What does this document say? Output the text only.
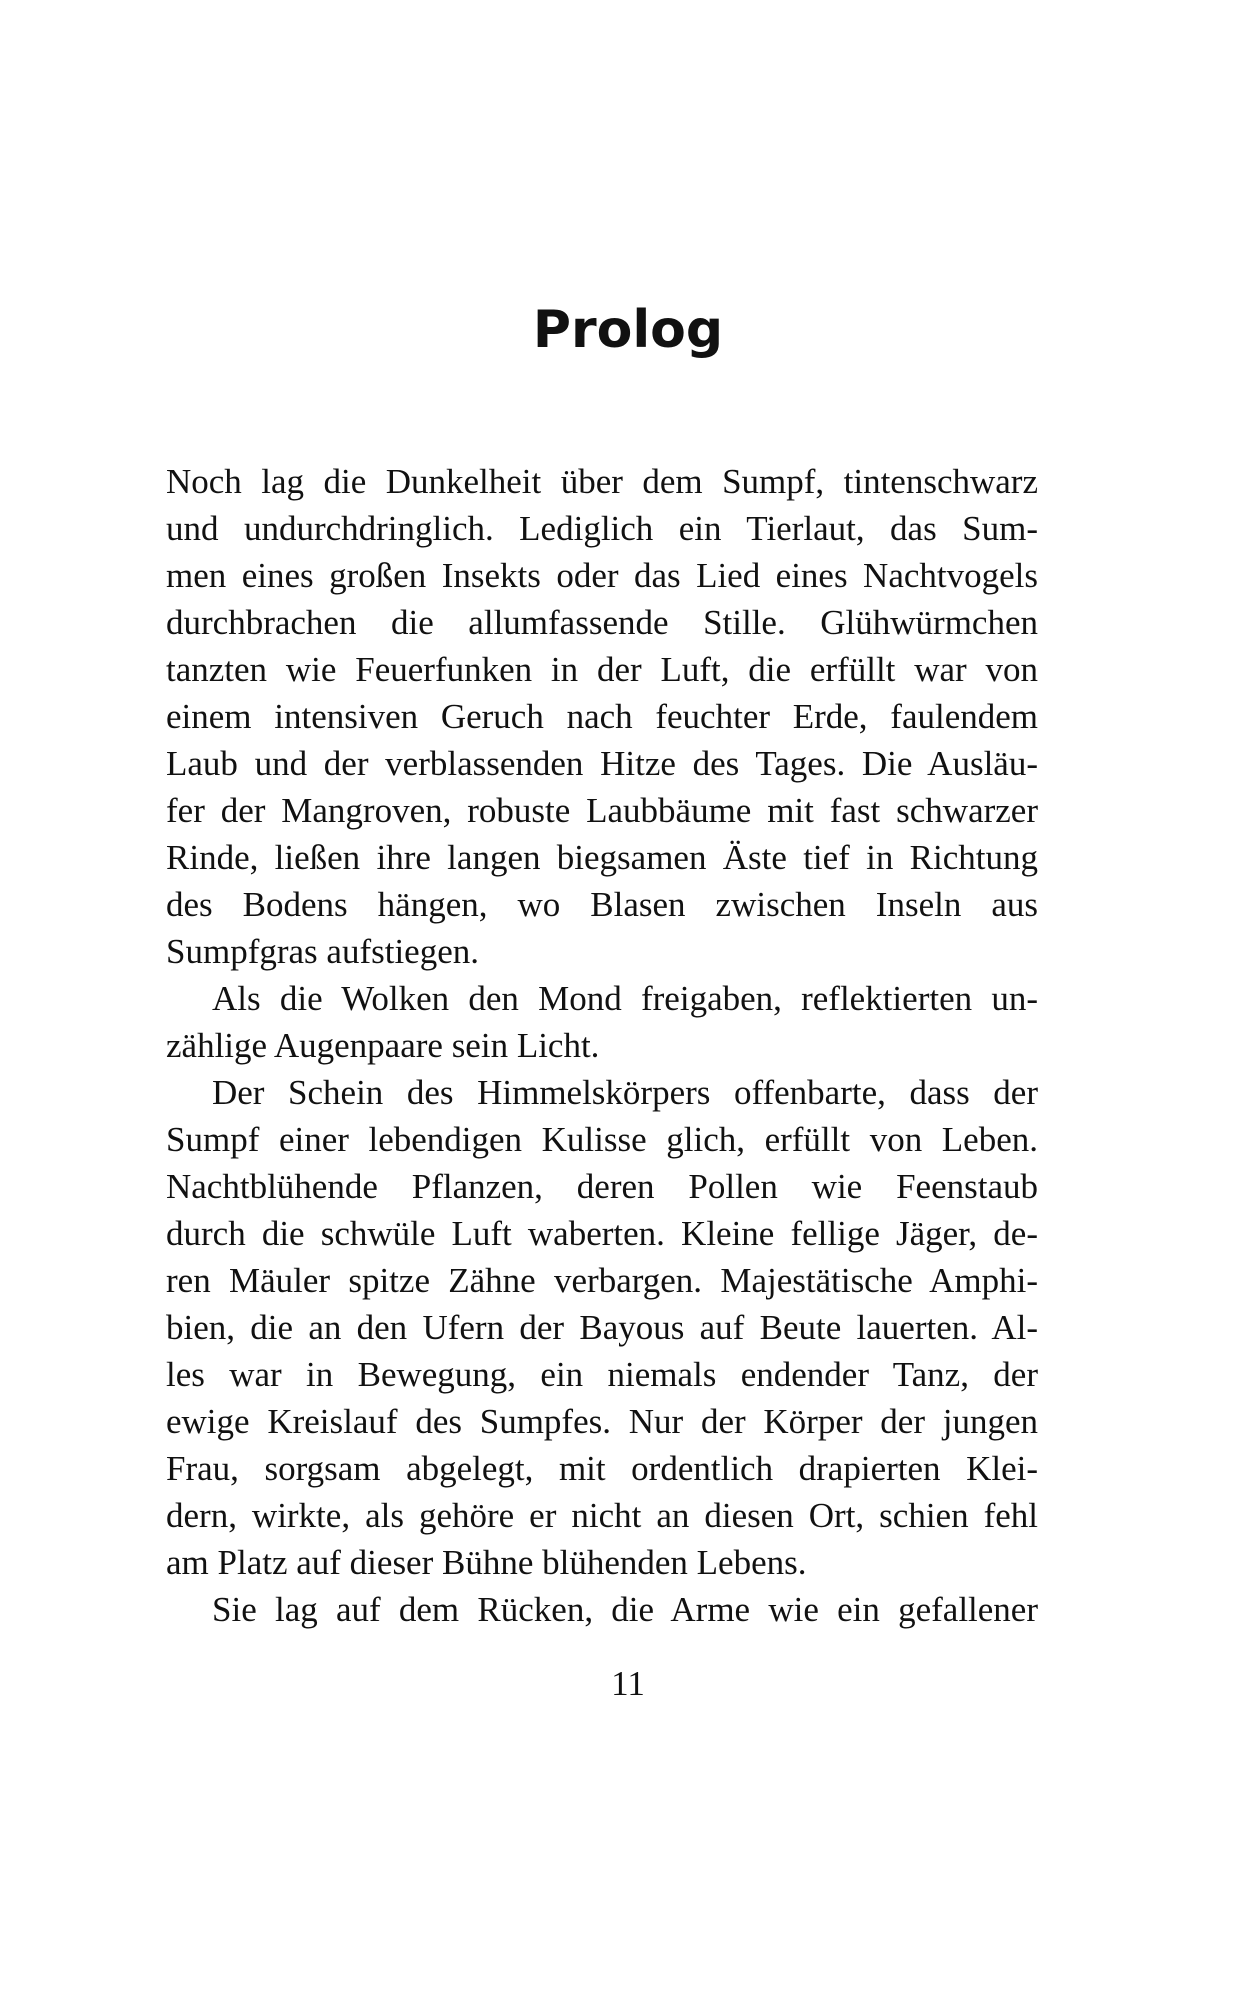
Prolog

Noch lag die Dunkelheit über dem Sumpf, tintenschwarz
und undurchdringlich. Lediglich ein Tierlaut, das Sum-
men eines großen Insekts oder das Lied eines Nachtvogels
durchbrachen die allumfassende Stille. Glühwürmchen
tanzten wie Feuerfunken in der Luft, die erfüllt war von
einem intensiven Geruch nach feuchter Erde, faulendem
Laub und der verblassenden Hitze des Tages. Die Ausläu-
fer der Mangroven, robuste Laubbäume mit fast schwarzer
Rinde, ließen ihre langen biegsamen Äste tief in Richtung
des Bodens hängen, wo Blasen zwischen Inseln aus
Sumpfgras aufstiegen.

Als die Wolken den Mond freigaben, reflektierten un-
zählige Augenpaare sein Licht.

Der Schein des Himmelskörpers offenbarte, dass der
Sumpf einer lebendigen Kulisse glich, erfüllt von Leben.
Nachtblühende Pflanzen, deren Pollen wie Feenstaub
durch die schwüle Luft waberten. Kleine fellige Jäger, de-
ren Mäuler spitze Zähne verbargen. Majestätische Amphi-
bien, die an den Ufern der Bayous auf Beute lauerten. Al-
les war in Bewegung, ein niemals endender Tanz, der
ewige Kreislauf des Sumpfes. Nur der Körper der jungen
Frau, sorgsam abgelegt, mit ordentlich drapierten Klei-
dern, wirkte, als gehöre er nicht an diesen Ort, schien fehl
am Platz auf dieser Bühne blühenden Lebens.

Sie lag auf dem Rücken, die Arme wie ein gefallener

11
